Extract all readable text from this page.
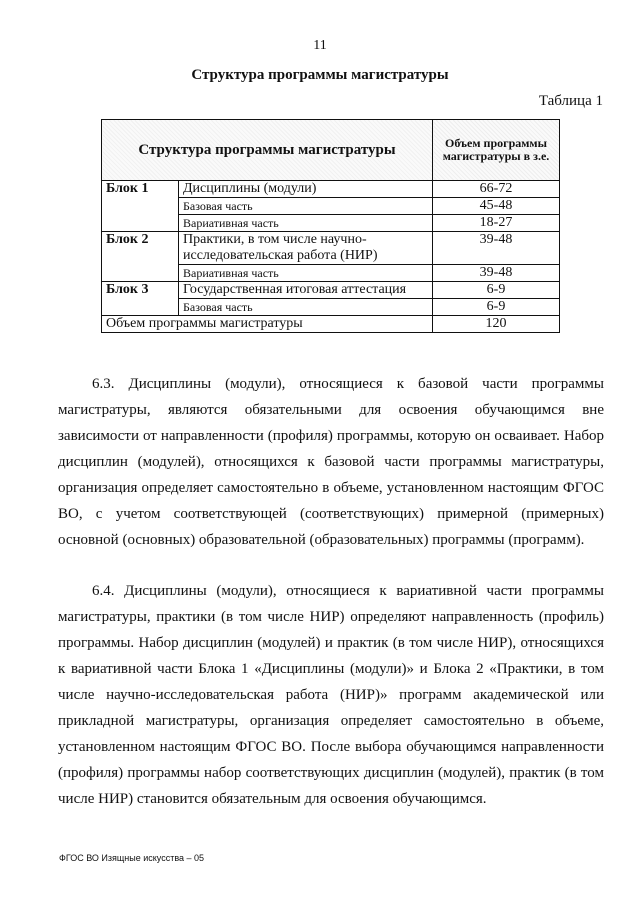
11
Структура программы магистратуры
Таблица 1
Структура программы магистратуры		Объем программы магистратуры в з.е.
Блок 1	Дисциплины (модули)	66-72
	Базовая часть	45-48
	Вариативная часть	18-27
Блок 2	Практики, в том числе научно-исследовательская работа (НИР)	39-48
	Вариативная часть	39-48
Блок 3	Государственная итоговая аттестация	6-9
	Базовая часть	6-9
Объем программы магистратуры		120

6.3. Дисциплины (модули), относящиеся к базовой части программы магистратуры, являются обязательными для освоения обучающимся вне зависимости от направленности (профиля) программы, которую он осваивает. Набор дисциплин (модулей), относящихся к базовой части программы магистратуры, организация определяет самостоятельно в объеме, установленном настоящим ФГОС ВО, с учетом соответствующей (соответствующих) примерной (примерных) основной (основных) образовательной (образовательных) программы (программ).

6.4. Дисциплины (модули), относящиеся к вариативной части программы магистратуры, практики (в том числе НИР) определяют направленность (профиль) программы. Набор дисциплин (модулей) и практик (в том числе НИР), относящихся к вариативной части Блока 1 «Дисциплины (модули)» и Блока 2 «Практики, в том числе научно-исследовательская работа (НИР)» программ академической или прикладной магистратуры, организация определяет самостоятельно в объеме, установленном настоящим ФГОС ВО. После выбора обучающимся направленности (профиля) программы набор соответствующих дисциплин (модулей), практик (в том числе НИР) становится обязательным для освоения обучающимся.

ФГОС ВО Изящные искусства – 05
